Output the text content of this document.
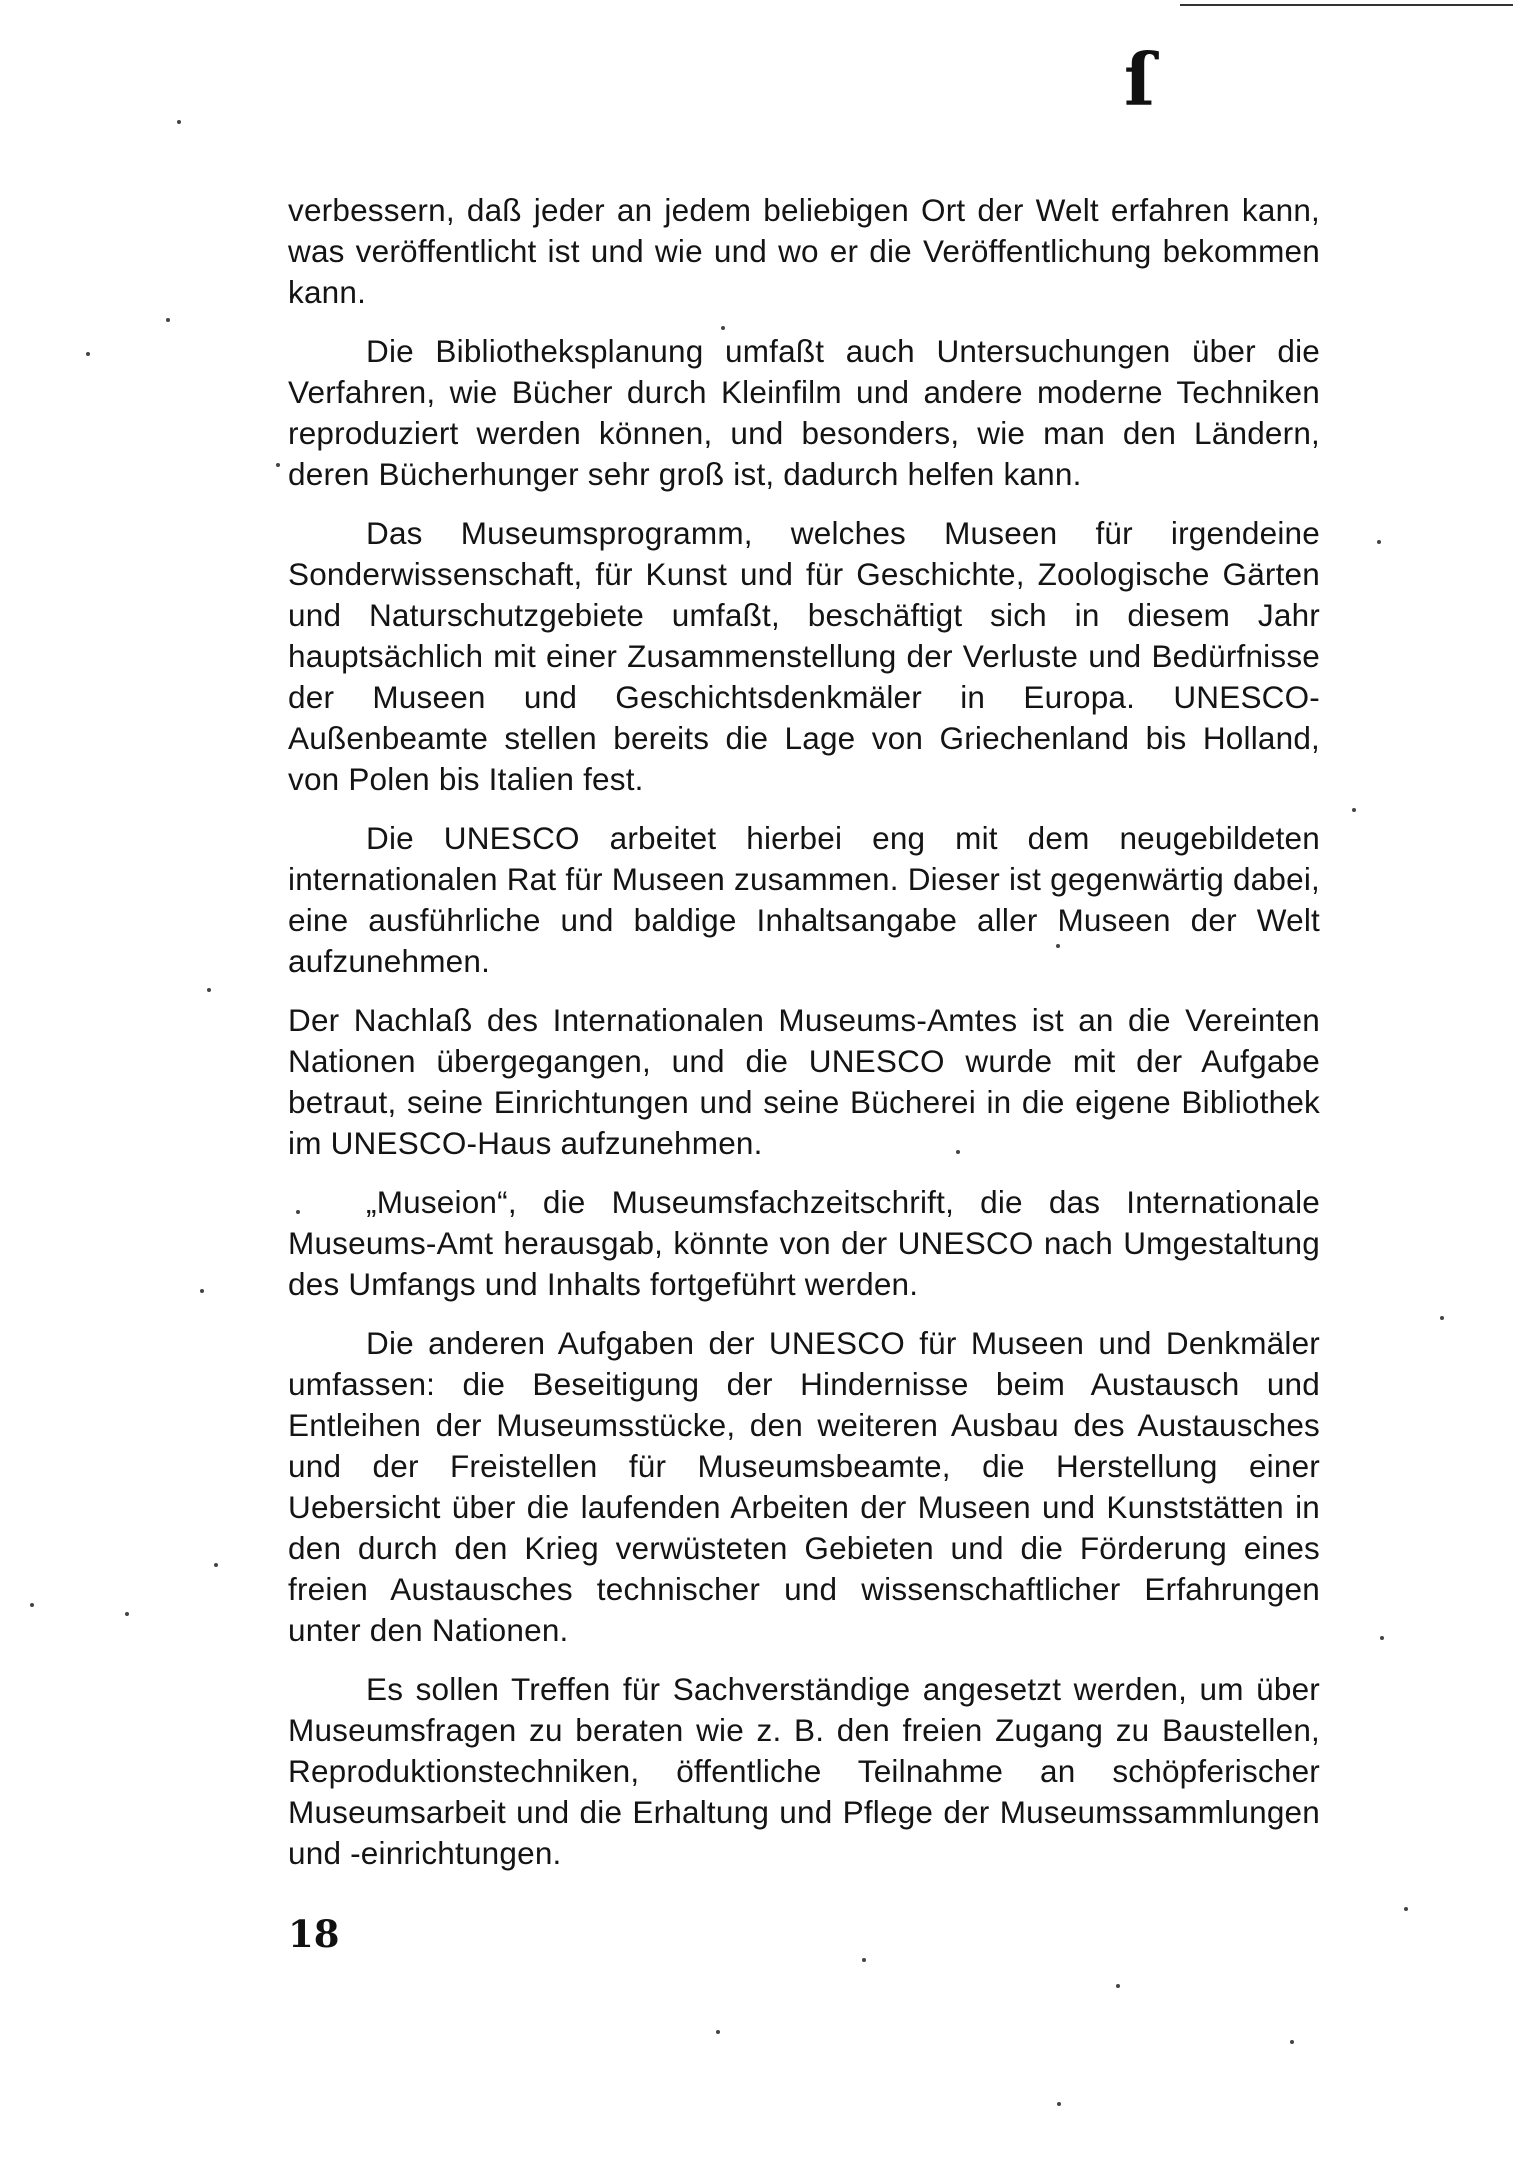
ſ

verbessern, daß jeder an jedem beliebigen Ort der Welt erfahren kann, was veröffentlicht ist und wie und wo er die Veröffentlichung bekommen kann.

Die Bibliotheksplanung umfaßt auch Untersuchungen über die Verfahren, wie Bücher durch Kleinfilm und andere moderne Techniken reproduziert werden können, und besonders, wie man den Ländern, deren Bücherhunger sehr groß ist, dadurch helfen kann.

Das Museumsprogramm, welches Museen für irgendeine Sonderwissenschaft, für Kunst und für Geschichte, Zoologische Gärten und Naturschutzgebiete umfaßt, beschäftigt sich in diesem Jahr hauptsächlich mit einer Zusammenstellung der Verluste und Bedürfnisse der Museen und Geschichtsdenkmäler in Europa. UNESCO-Außenbeamte stellen bereits die Lage von Griechenland bis Holland, von Polen bis Italien fest.

Die UNESCO arbeitet hierbei eng mit dem neugebildeten internationalen Rat für Museen zusammen. Dieser ist gegenwärtig dabei, eine ausführliche und baldige Inhaltsangabe aller Museen der Welt aufzunehmen.

Der Nachlaß des Internationalen Museums-Amtes ist an die Vereinten Nationen übergegangen, und die UNESCO wurde mit der Aufgabe betraut, seine Einrichtungen und seine Bücherei in die eigene Bibliothek im UNESCO-Haus aufzunehmen.

„Museion“, die Museumsfachzeitschrift, die das Internationale Museums-Amt herausgab, könnte von der UNESCO nach Umgestaltung des Umfangs und Inhalts fortgeführt werden.

Die anderen Aufgaben der UNESCO für Museen und Denkmäler umfassen: die Beseitigung der Hindernisse beim Austausch und Entleihen der Museumsstücke, den weiteren Ausbau des Austausches und der Freistellen für Museumsbeamte, die Herstellung einer Uebersicht über die laufenden Arbeiten der Museen und Kunststätten in den durch den Krieg verwüsteten Gebieten und die Förderung eines freien Austausches technischer und wissenschaftlicher Erfahrungen unter den Nationen.

Es sollen Treffen für Sachverständige angesetzt werden, um über Museumsfragen zu beraten wie z. B. den freien Zugang zu Baustellen, Reproduktionstechniken, öffentliche Teilnahme an schöpferischer Museumsarbeit und die Erhaltung und Pflege der Museumssammlungen und -einrichtungen.

18
